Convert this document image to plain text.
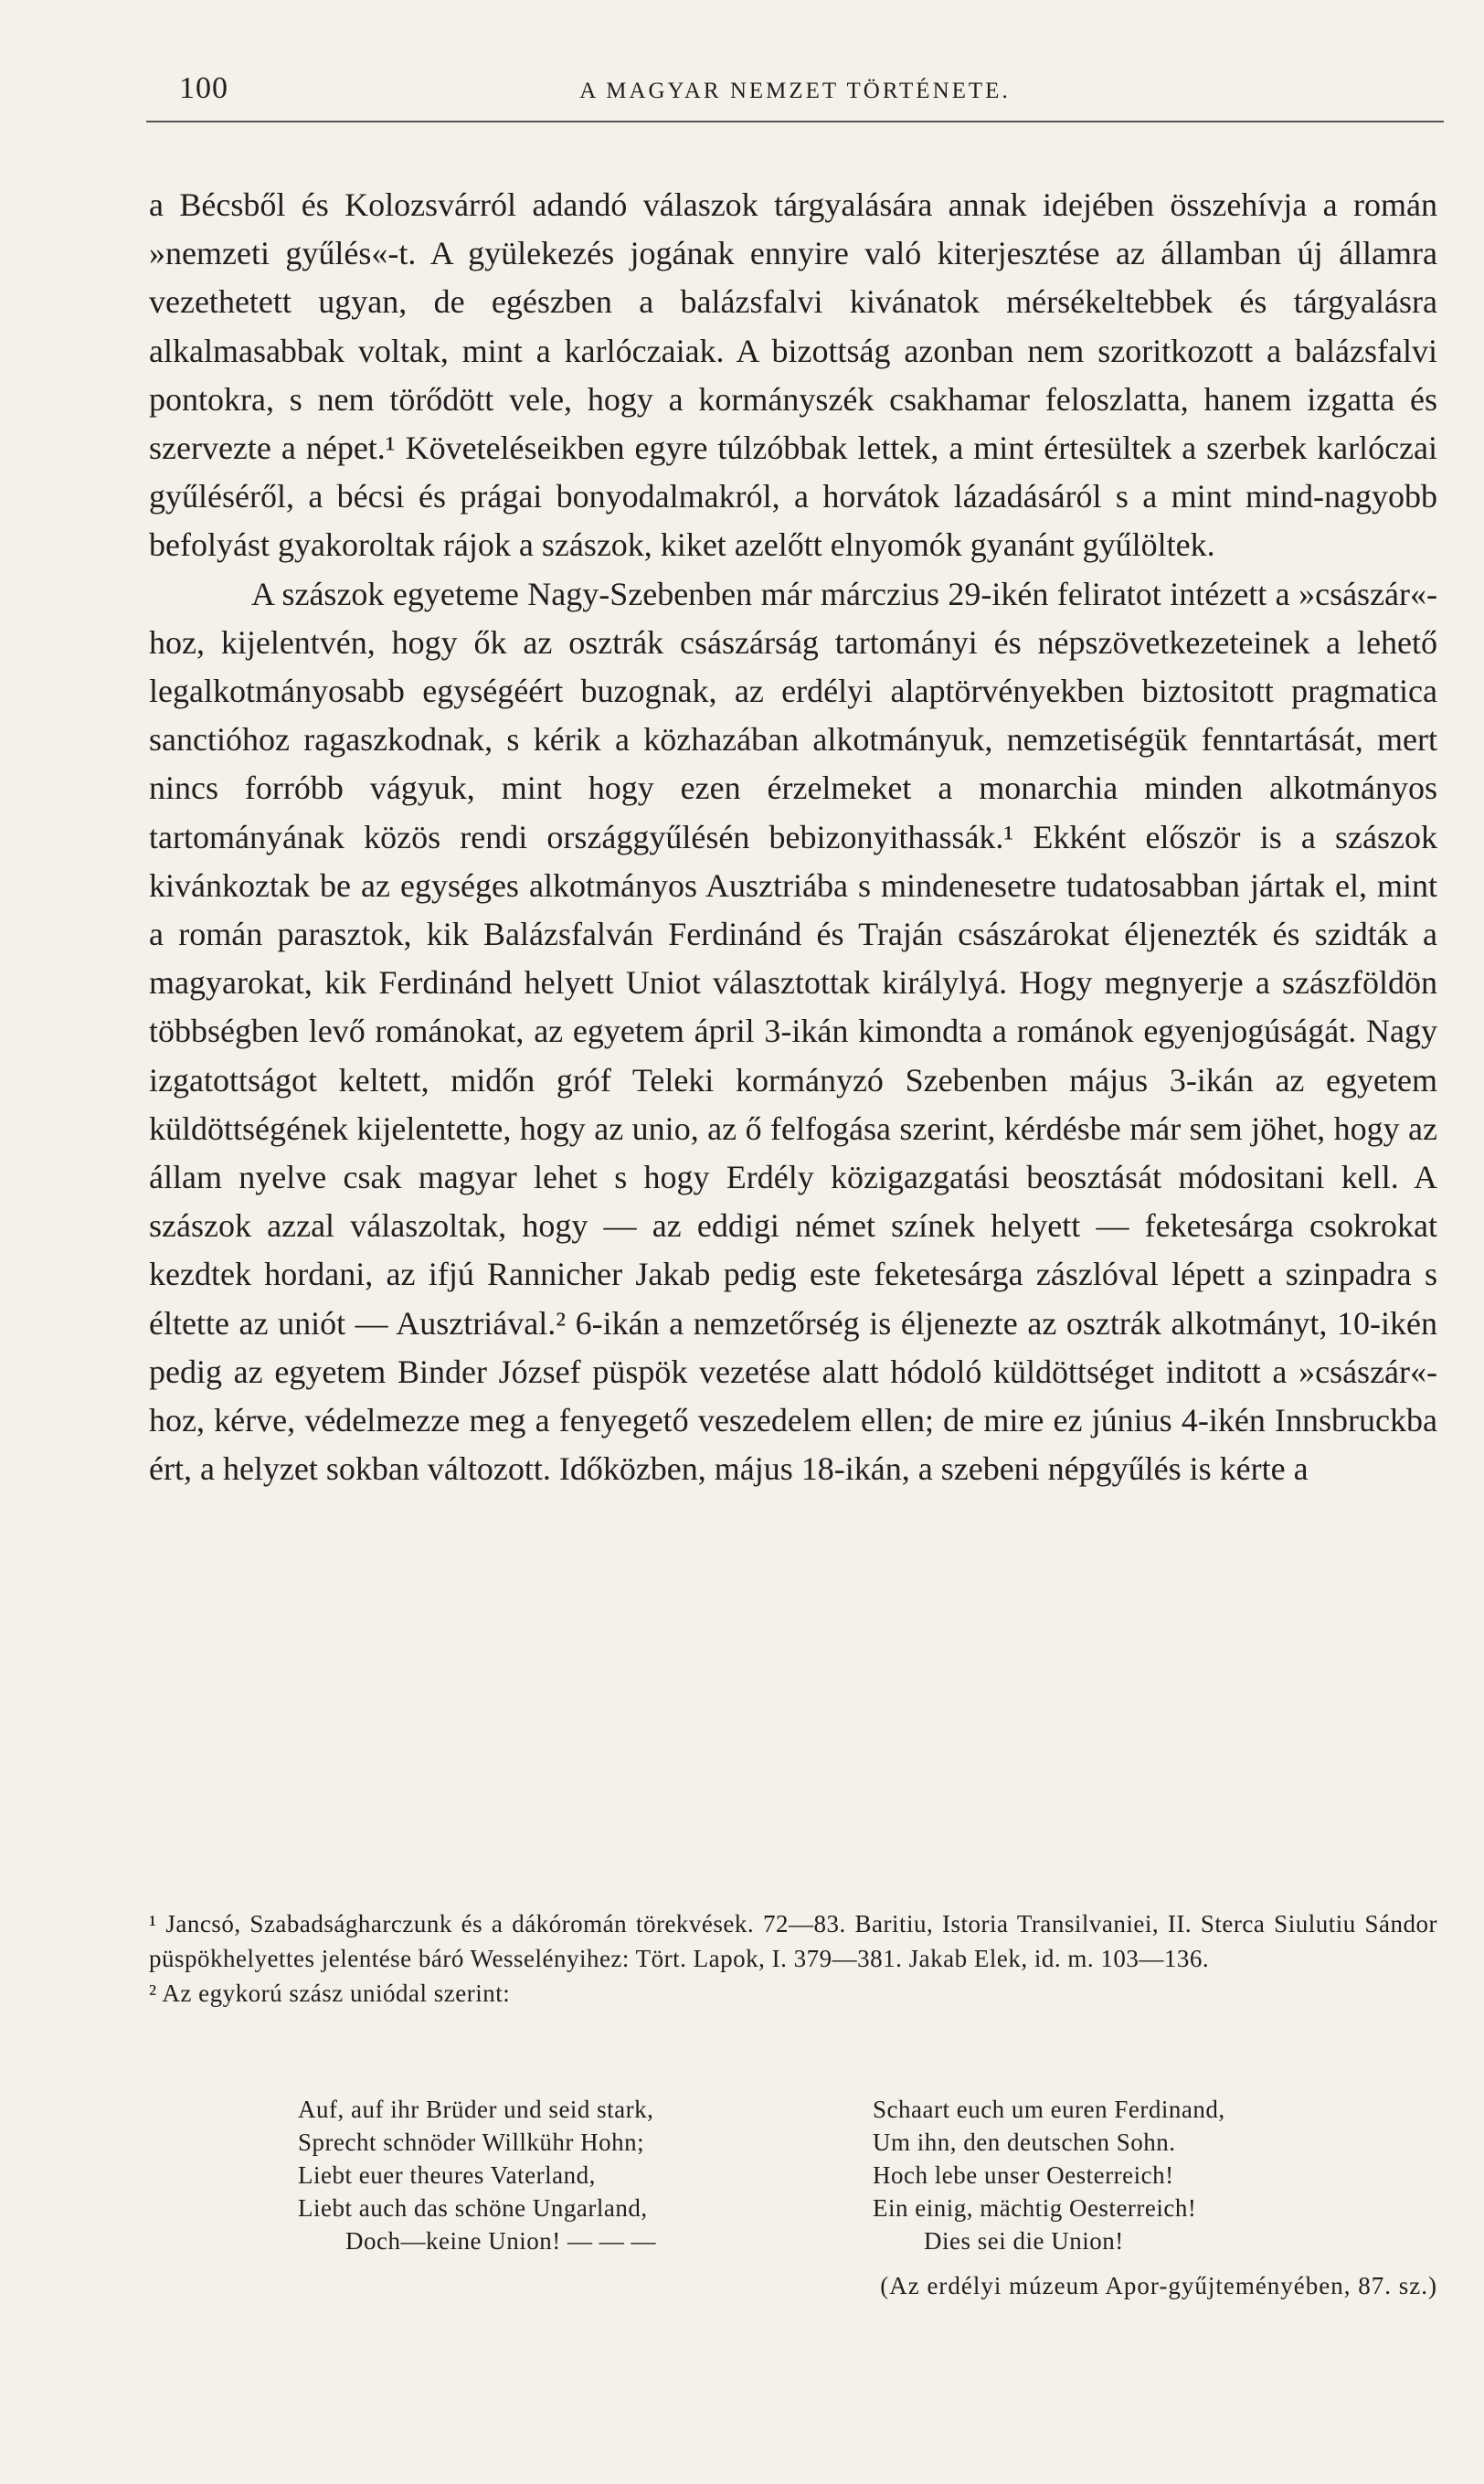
100	A MAGYAR NEMZET TÖRTÉNETE.

a Bécsből és Kolozsvárról adandó válaszok tárgyalására annak idejében összehívja a román »nemzeti gyűlés«-t. A gyülekezés jogának ennyire való kiterjesztése az államban új államra vezethetett ugyan, de egészben a balázsfalvi kivánatok mérsékeltebbek és tárgyalásra alkalmasabbak voltak, mint a karlóczaiak. A bizottság azonban nem szoritkozott a balázsfalvi pontokra, s nem törődött vele, hogy a kormányszék csakhamar feloszlatta, hanem izgatta és szervezte a népet.¹ Követeléseikben egyre túlzóbbak lettek, a mint értesültek a szerbek karlóczai gyűléséről, a bécsi és prágai bonyodalmakról, a horvátok lázadásáról s a mint mind-nagyobb befolyást gyakoroltak rájok a szászok, kiket azelőtt elnyomók gyanánt gyűlöltek.

A szászok egyeteme Nagy-Szebenben már márczius 29-ikén feliratot intézett a »császár«-hoz, kijelentvén, hogy ők az osztrák császárság tartományi és népszövetkezeteinek a lehető legalkotmányosabb egységéért buzognak, az erdélyi alaptörvényekben biztositott pragmatica sanctióhoz ragaszkodnak, s kérik a közhazában alkotmányuk, nemzetiségük fenntartását, mert nincs forróbb vágyuk, mint hogy ezen érzelmeket a monarchia minden alkotmányos tartományának közös rendi országgyűlésén bebizonyithassák.¹ Ekként először is a szászok kivánkoztak be az egységes alkotmányos Ausztriába s mindenesetre tudatosabban jártak el, mint a román parasztok, kik Balázsfalván Ferdinánd és Traján császárokat éljenezték és szidták a magyarokat, kik Ferdinánd helyett Uniot választottak királylyá. Hogy megnyerje a szászföldön többségben levő románokat, az egyetem ápril 3-ikán kimondta a románok egyenjogúságát. Nagy izgatottságot keltett, midőn gróf Teleki kormányzó Szebenben május 3-ikán az egyetem küldöttségének kijelentette, hogy az unio, az ő felfogása szerint, kérdésbe már sem jöhet, hogy az állam nyelve csak magyar lehet s hogy Erdély közigazgatási beosztását módositani kell. A szászok azzal válaszoltak, hogy — az eddigi német színek helyett — feketesárga csokrokat kezdtek hordani, az ifjú Rannicher Jakab pedig este feketesárga zászlóval lépett a szinpadra s éltette az uniót — Ausztriával.² 6-ikán a nemzetőrség is éljenezte az osztrák alkotmányt, 10-ikén pedig az egyetem Binder József püspök vezetése alatt hódoló küldöttséget inditott a »császár«-hoz, kérve, védelmezze meg a fenyegető veszedelem ellen; de mire ez június 4-ikén Innsbruckba ért, a helyzet sokban változott. Időközben, május 18-ikán, a szebeni népgyűlés is kérte a

¹ Jancsó, Szabadságharczunk és a dákóromán törekvések. 72—83. Baritiu, Istoria Transilvaniei, II. Sterca Siulutiu Sándor püspökhelyettes jelentése báró Wesselényihez: Tört. Lapok, I. 379—381. Jakab Elek, id. m. 103—136.

² Az egykorú szász uniódal szerint:

Auf, auf ihr Brüder und seid stark,
Sprecht schnöder Willkühr Hohn;
Liebt euer theures Vaterland,
Liebt auch das schöne Ungarland,
Doch—keine Union! — — —
Schaart euch um euren Ferdinand,
Um ihn, den deutschen Sohn.
Hoch lebe unser Oesterreich!
Ein einig, mächtig Oesterreich!
Dies sei die Union!
(Az erdélyi múzeum Apor-gyűjteményében, 87. sz.)
